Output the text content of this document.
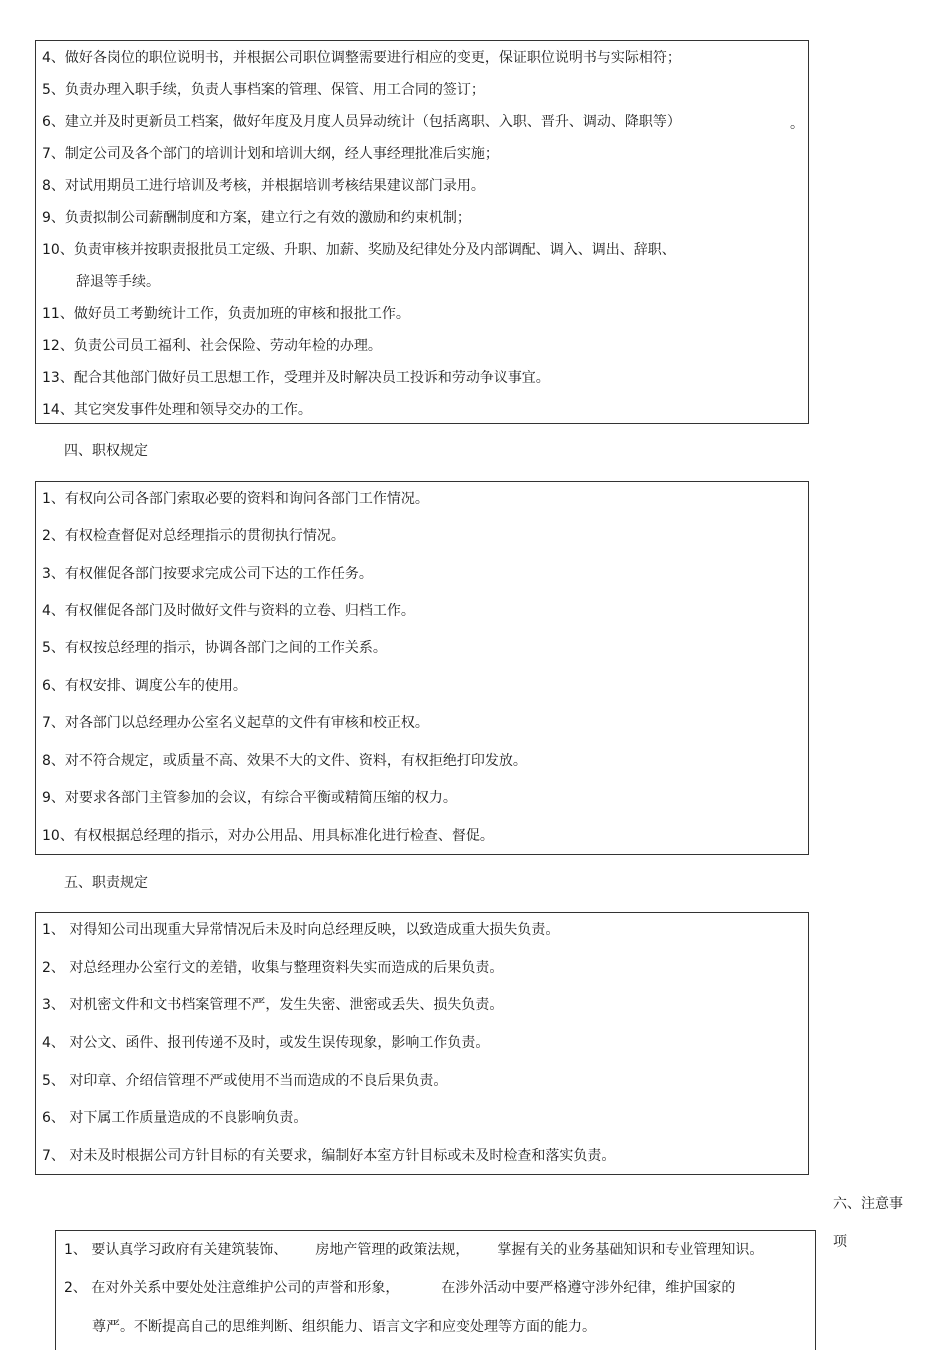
4、做好各岗位的职位说明书，并根据公司职位调整需要进行相应的变更，保证职位说明书与实际相符；
5、负责办理入职手续，负责人事档案的管理、保管、用工合同的签订；
6、建立并及时更新员工档案，做好年度及月度人员异动统计（包括离职、入职、晋升、调动、降职等）	。
7、制定公司及各个部门的培训计划和培训大纲，经人事经理批准后实施；
8、对试用期员工进行培训及考核，并根据培训考核结果建议部门录用。
9、负责拟制公司薪酬制度和方案，建立行之有效的激励和约束机制；
10、负责审核并按职责报批员工定级、升职、加薪、奖励及纪律处分及内部调配、调入、调出、辞职、
辞退等手续。
11、做好员工考勤统计工作，负责加班的审核和报批工作。
12、负责公司员工福利、社会保险、劳动年检的办理。
13、配合其他部门做好员工思想工作，受理并及时解决员工投诉和劳动争议事宜。
14、其它突发事件处理和领导交办的工作。
四、职权规定
1、有权向公司各部门索取必要的资料和询问各部门工作情况。
2、有权检查督促对总经理指示的贯彻执行情况。
3、有权催促各部门按要求完成公司下达的工作任务。
4、有权催促各部门及时做好文件与资料的立卷、归档工作。
5、有权按总经理的指示，协调各部门之间的工作关系。
6、有权安排、调度公车的使用。
7、对各部门以总经理办公室名义起草的文件有审核和校正权。
8、对不符合规定，或质量不高、效果不大的文件、资料，有权拒绝打印发放。
9、对要求各部门主管参加的会议，有综合平衡或精简压缩的权力。
10、有权根据总经理的指示，对办公用品、用具标准化进行检查、督促。
五、职责规定
1、 对得知公司出现重大异常情况后未及时向总经理反映，以致造成重大损失负责。
2、 对总经理办公室行文的差错，收集与整理资料失实而造成的后果负责。
3、 对机密文件和文书档案管理不严，发生失密、泄密或丢失、损失负责。
4、 对公文、函件、报刊传递不及时，或发生误传现象，影响工作负责。
5、 对印章、介绍信管理不严或使用不当而造成的不良后果负责。
6、 对下属工作质量造成的不良影响负责。
7、 对未及时根据公司方针目标的有关要求，编制好本室方针目标或未及时检查和落实负责。
六、注意事
项
1、 要认真学习政府有关建筑装饰、 房地产管理的政策法规， 掌握有关的业务基础知识和专业管理知识。
2、 在对外关系中要处处注意维护公司的声誉和形象，	在涉外活动中要严格遵守涉外纪律，维护国家的
尊严。不断提高自己的思维判断、组织能力、语言文字和应变处理等方面的能力。
